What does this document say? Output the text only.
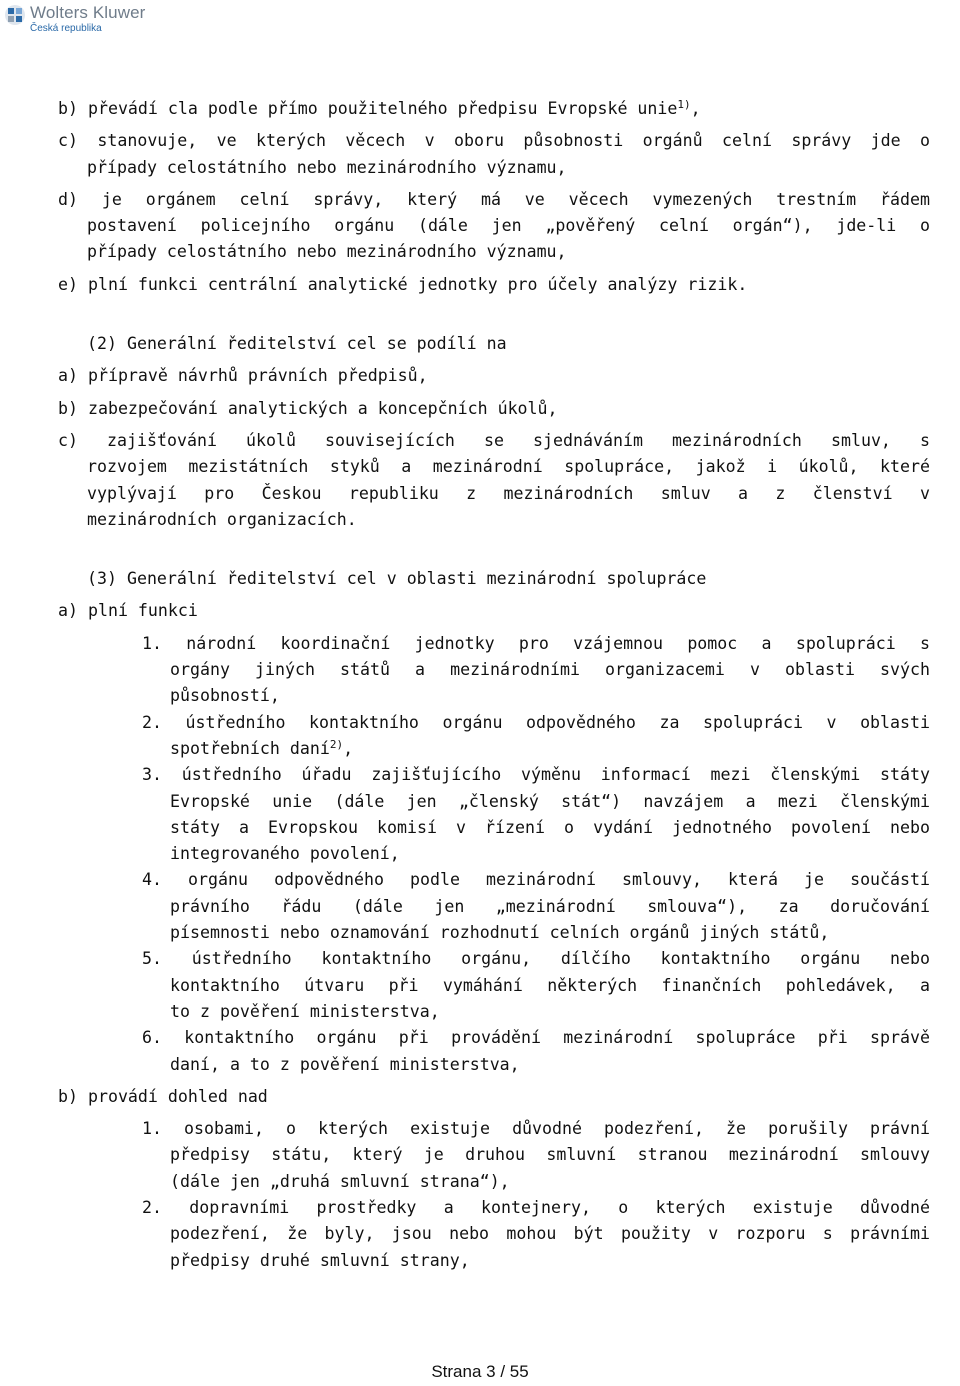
Wolters Kluwer
Česká republika
b) převádí cla podle přímo použitelného předpisu Evropské unie$^{1)}$,
c) stanovuje, ve kterých věcech v oboru působnosti orgánů celní správy jde o
případy celostátního nebo mezinárodního významu,
d) je orgánem celní správy, který má ve věcech vymezených trestním řádem
postavení policejního orgánu (dále jen „pověřený celní orgán“), jde-li o
případy celostátního nebo mezinárodního významu,
e) plní funkci centrální analytické jednotky pro účely analýzy rizik.
(2) Generální ředitelství cel se podílí na
a) přípravě návrhů právních předpisů,
b) zabezpečování analytických a koncepčních úkolů,
c) zajišťování úkolů souvisejících se sjednáváním mezinárodních smluv, s
rozvojem mezistátních styků a mezinárodní spolupráce, jakož i úkolů, které
vyplývají pro Českou republiku z mezinárodních smluv a z členství v
mezinárodních organizacích.
(3) Generální ředitelství cel v oblasti mezinárodní spolupráce
a) plní funkci
1. národní koordinační jednotky pro vzájemnou pomoc a spolupráci s
orgány jiných států a mezinárodními organizacemi v oblasti svých
působností,
2. ústředního kontaktního orgánu odpovědného za spolupráci v oblasti
spotřebních daní$^{2)}$,
3. ústředního úřadu zajišťujícího výměnu informací mezi členskými státy
Evropské unie (dále jen „členský stát“) navzájem a mezi členskými
státy a Evropskou komisí v řízení o vydání jednotného povolení nebo
integrovaného povolení,
4. orgánu odpovědného podle mezinárodní smlouvy, která je součástí
právního řádu (dále jen „mezinárodní smlouva“), za doručování
písemnosti nebo oznamování rozhodnutí celních orgánů jiných států,
5. ústředního kontaktního orgánu, dílčího kontaktního orgánu nebo
kontaktního útvaru při vymáhání některých finančních pohledávek, a
to z pověření ministerstva,
6. kontaktního orgánu při provádění mezinárodní spolupráce při správě
daní, a to z pověření ministerstva,
b) provádí dohled nad
1. osobami, o kterých existuje důvodné podezření, že porušily právní
předpisy státu, který je druhou smluvní stranou mezinárodní smlouvy
(dále jen „druhá smluvní strana“),
2. dopravními prostředky a kontejnery, o kterých existuje důvodné
podezření, že byly, jsou nebo mohou být použity v rozporu s právními
předpisy druhé smluvní strany,
Strana 3 / 55
